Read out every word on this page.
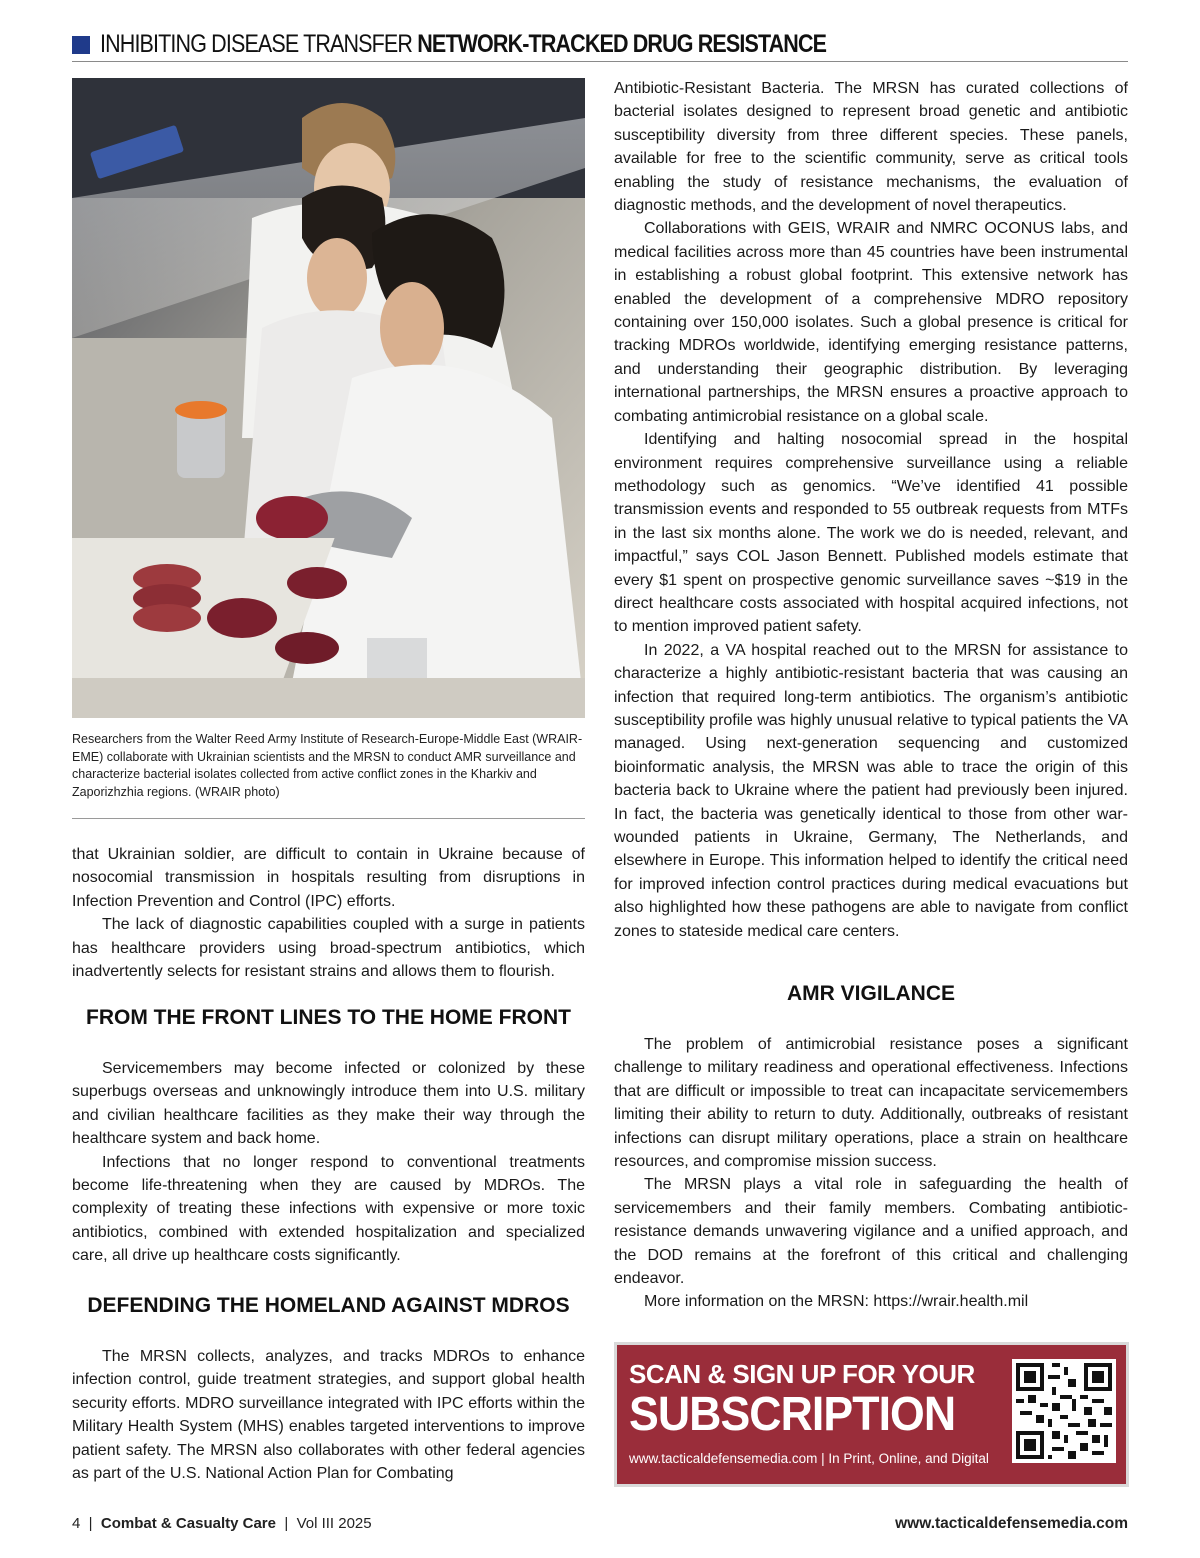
INHIBITING DISEASE TRANSFER NETWORK-TRACKED DRUG RESISTANCE
Researchers from the Walter Reed Army Institute of Research-Europe-Middle East (WRAIR-EME) collaborate with Ukrainian scientists and the MRSN to conduct AMR surveillance and characterize bacterial isolates collected from active conflict zones in the Kharkiv and Zaporizhzhia regions. (WRAIR photo)

that Ukrainian soldier, are difficult to contain in Ukraine because of nosocomial transmission in hospitals resulting from disruptions in Infection Prevention and Control (IPC) efforts.

The lack of diagnostic capabilities coupled with a surge in patients has healthcare providers using broad-spectrum antibiotics, which inadvertently selects for resistant strains and allows them to flourish.

FROM THE FRONT LINES TO THE HOME FRONT

Servicemembers may become infected or colonized by these superbugs overseas and unknowingly introduce them into U.S. military and civilian healthcare facilities as they make their way through the healthcare system and back home.

Infections that no longer respond to conventional treatments become life-threatening when they are caused by MDROs. The complexity of treating these infections with expensive or more toxic antibiotics, combined with extended hospitalization and specialized care, all drive up healthcare costs significantly.

DEFENDING THE HOMELAND AGAINST MDROS

The MRSN collects, analyzes, and tracks MDROs to enhance infection control, guide treatment strategies, and support global health security efforts. MDRO surveillance integrated with IPC efforts within the Military Health System (MHS) enables targeted interventions to improve patient safety. The MRSN also collaborates with other federal agencies as part of the U.S. National Action Plan for Combating

Antibiotic-Resistant Bacteria. The MRSN has curated collections of bacterial isolates designed to represent broad genetic and antibiotic susceptibility diversity from three different species. These panels, available for free to the scientific community, serve as critical tools enabling the study of resistance mechanisms, the evaluation of diagnostic methods, and the development of novel therapeutics.

Collaborations with GEIS, WRAIR and NMRC OCONUS labs, and medical facilities across more than 45 countries have been instrumental in establishing a robust global footprint. This extensive network has enabled the development of a comprehensive MDRO repository containing over 150,000 isolates. Such a global presence is critical for tracking MDROs worldwide, identifying emerging resistance patterns, and understanding their geographic distribution. By leveraging international partnerships, the MRSN ensures a proactive approach to combating antimicrobial resistance on a global scale.

Identifying and halting nosocomial spread in the hospital environment requires comprehensive surveillance using a reliable methodology such as genomics. “We’ve identified 41 possible transmission events and responded to 55 outbreak requests from MTFs in the last six months alone. The work we do is needed, relevant, and impactful,” says COL Jason Bennett. Published models estimate that every $1 spent on prospective genomic surveillance saves ~$19 in the direct healthcare costs associated with hospital acquired infections, not to mention improved patient safety.

In 2022, a VA hospital reached out to the MRSN for assistance to characterize a highly antibiotic-resistant bacteria that was causing an infection that required long-term antibiotics. The organism’s antibiotic susceptibility profile was highly unusual relative to typical patients the VA managed. Using next-generation sequencing and customized bioinformatic analysis, the MRSN was able to trace the origin of this bacteria back to Ukraine where the patient had previously been injured. In fact, the bacteria was genetically identical to those from other war-wounded patients in Ukraine, Germany, The Netherlands, and elsewhere in Europe. This information helped to identify the critical need for improved infection control practices during medical evacuations but also highlighted how these pathogens are able to navigate from conflict zones to stateside medical care centers.

AMR VIGILANCE

The problem of antimicrobial resistance poses a significant challenge to military readiness and operational effectiveness. Infections that are difficult or impossible to treat can incapacitate servicemembers limiting their ability to return to duty. Additionally, outbreaks of resistant infections can disrupt military operations, place a strain on healthcare resources, and compromise mission success.

The MRSN plays a vital role in safeguarding the health of servicemembers and their family members. Combating antibiotic-resistance demands unwavering vigilance and a unified approach, and the DOD remains at the forefront of this critical and challenging endeavor.

More information on the MRSN: https://wrair.health.mil

SCAN & SIGN UP FOR YOUR
SUBSCRIPTION
www.tacticaldefensemedia.com | In Print, Online, and Digital
4  |  Combat & Casualty Care  |  Vol III 2025	www.tacticaldefensemedia.com
